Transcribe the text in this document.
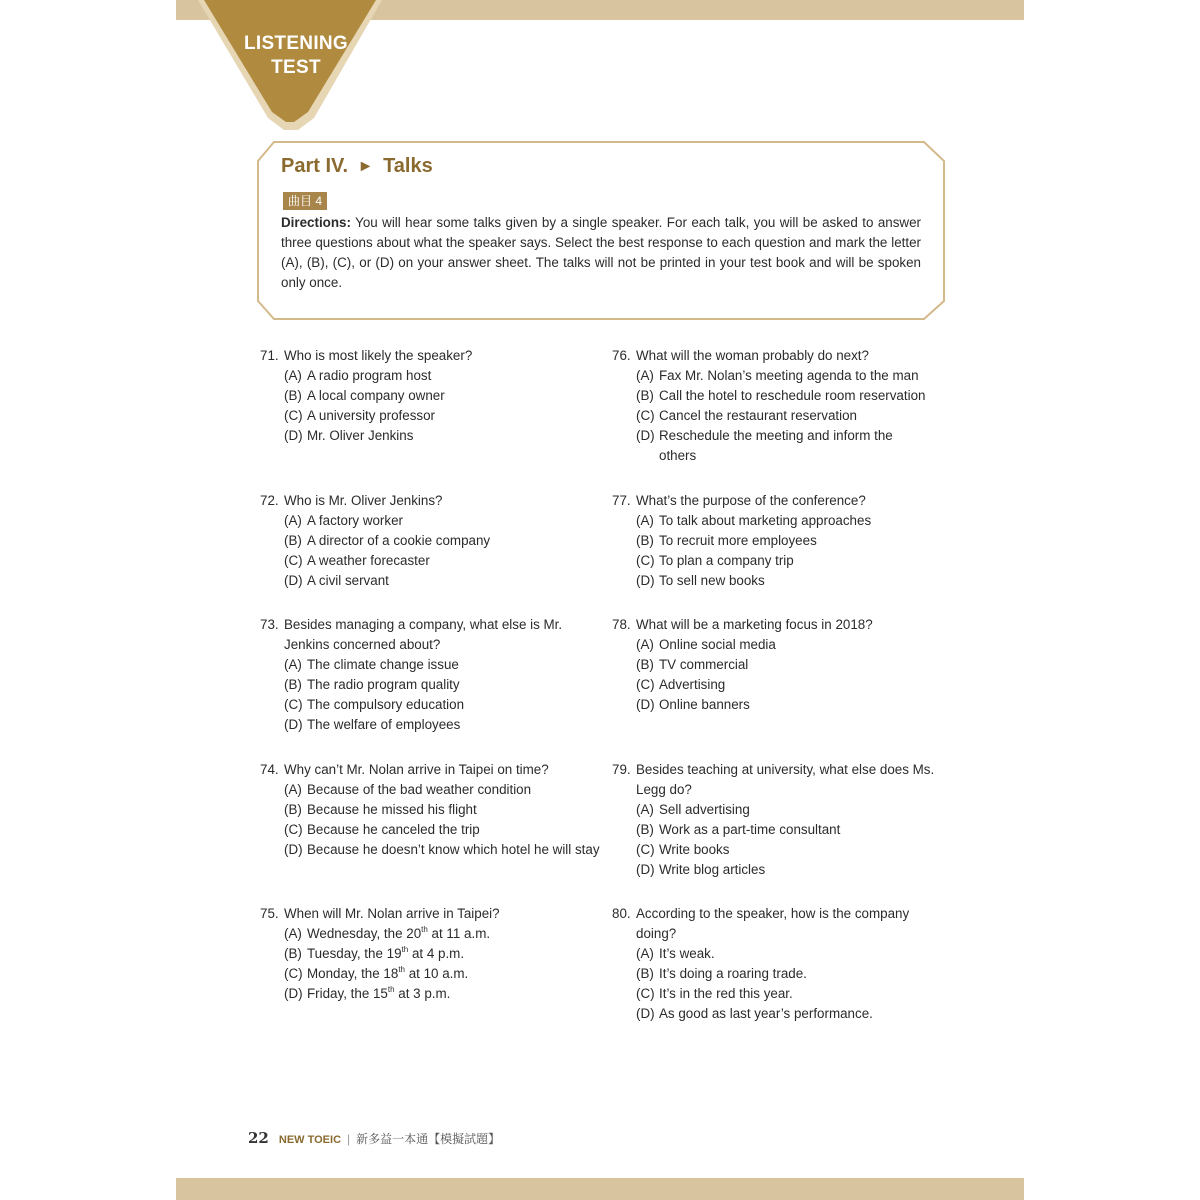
LISTENING
TEST
Part IV. ► Talks
曲目 4
Directions: You will hear some talks given by a single speaker. For each talk, you will be asked to answer three questions about what the speaker says. Select the best response to each question and mark the letter (A), (B), (C), or (D) on your answer sheet. The talks will not be printed in your test book and will be spoken only once.
71. Who is most likely the speaker?
(A) A radio program host
(B) A local company owner
(C) A university professor
(D) Mr. Oliver Jenkins
72. Who is Mr. Oliver Jenkins?
(A) A factory worker
(B) A director of a cookie company
(C) A weather forecaster
(D) A civil servant
73. Besides managing a company, what else is Mr. Jenkins concerned about?
(A) The climate change issue
(B) The radio program quality
(C) The compulsory education
(D) The welfare of employees
74. Why can’t Mr. Nolan arrive in Taipei on time?
(A) Because of the bad weather condition
(B) Because he missed his flight
(C) Because he canceled the trip
(D) Because he doesn’t know which hotel he will stay
75. When will Mr. Nolan arrive in Taipei?
(A) Wednesday, the 20th at 11 a.m.
(B) Tuesday, the 19th at 4 p.m.
(C) Monday, the 18th at 10 a.m.
(D) Friday, the 15th at 3 p.m.
76. What will the woman probably do next?
(A) Fax Mr. Nolan’s meeting agenda to the man
(B) Call the hotel to reschedule room reservation
(C) Cancel the restaurant reservation
(D) Reschedule the meeting and inform the others
77. What’s the purpose of the conference?
(A) To talk about marketing approaches
(B) To recruit more employees
(C) To plan a company trip
(D) To sell new books
78. What will be a marketing focus in 2018?
(A) Online social media
(B) TV commercial
(C) Advertising
(D) Online banners
79. Besides teaching at university, what else does Ms. Legg do?
(A) Sell advertising
(B) Work as a part-time consultant
(C) Write books
(D) Write blog articles
80. According to the speaker, how is the company doing?
(A) It’s weak.
(B) It’s doing a roaring trade.
(C) It’s in the red this year.
(D) As good as last year’s performance.
22 NEW TOEIC | 新多益一本通【模擬試題】
